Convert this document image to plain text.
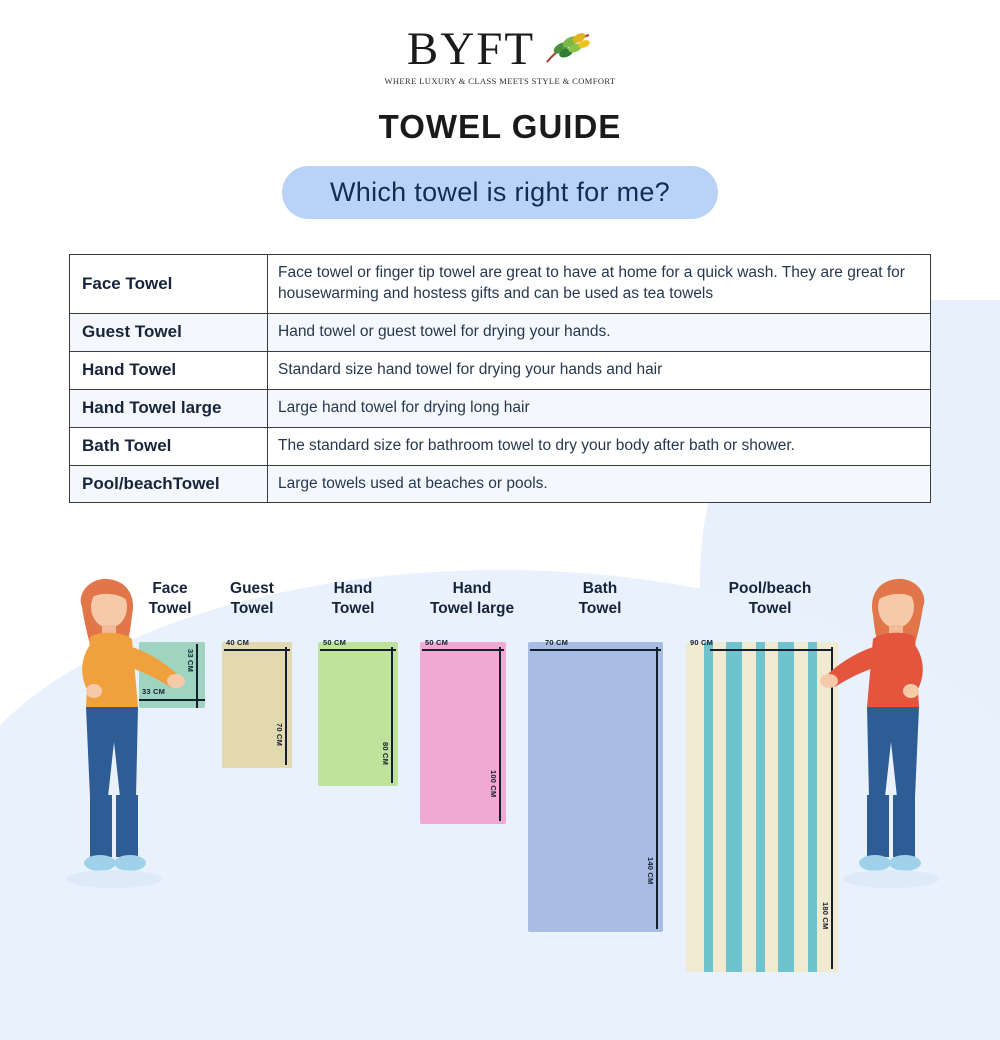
BYFT
WHERE LUXURY & CLASS MEETS STYLE & COMFORT
TOWEL GUIDE
Which towel is right for me?
Face Towel	Face towel or finger tip towel are great to have at home for a quick wash. They are great for housewarming and hostess gifts and can be used as tea towels
Guest Towel	Hand towel or guest towel for drying your hands.
Hand Towel	Standard size hand towel for drying your hands and hair
Hand Towel large	Large hand towel for drying long hair
Bath Towel	The standard size for bathroom towel to dry your body after bath or shower.
Pool/beachTowel	Large towels used at beaches or pools.
Face
Towel
Guest
Towel
Hand
Towel
Hand
Towel large
Bath
Towel
Pool/beach
Towel
33 CM
33 CM
40 CM
70 CM
50 CM
80 CM
50 CM
100 CM
70 CM
140 CM
90 CM
180 CM
